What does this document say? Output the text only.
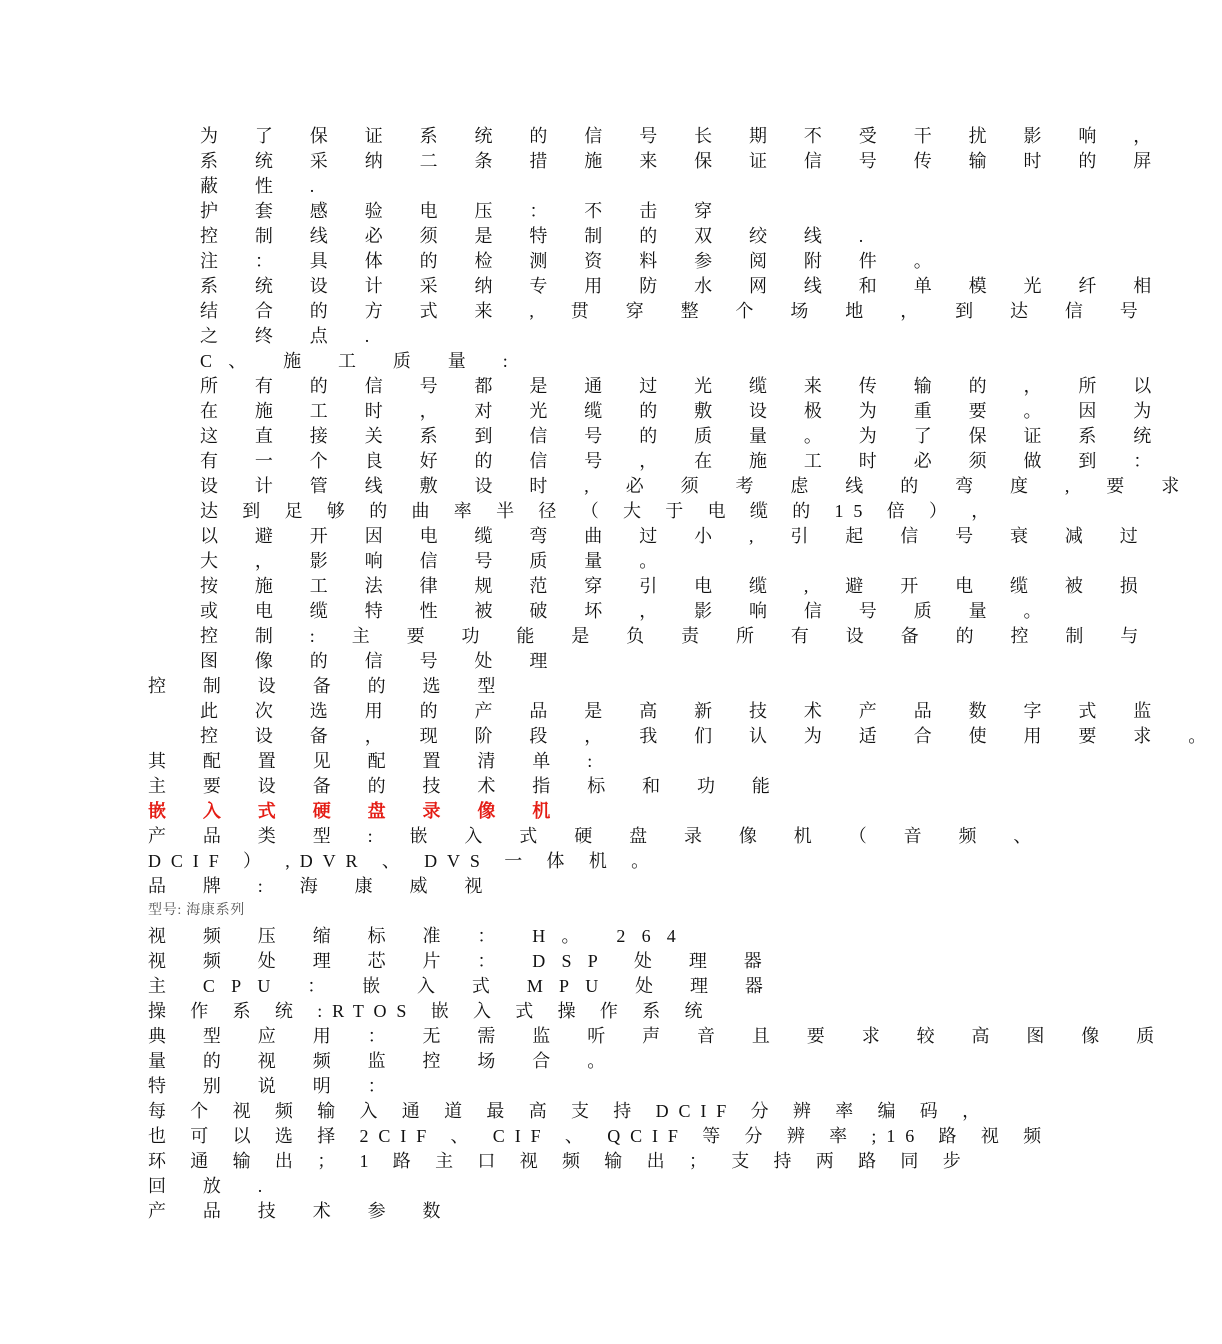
为 了 保 证 系 统 的 信 号 长 期 不 受 干 扰 影 响 ，
系 统 采 纳 二 条 措 施 来 保 证 信 号 传 输 时 的 屏
蔽 性 .
护 套 感 验 电 压 ： 不 击 穿
控 制 线 必 须 是 特 制 的 双 绞 线 .
注 ： 具 体 的 检 测 资 料 参 阅 附 件 。
系 统 设 计 采 纳 专 用 防 水 网 线 和 单 模 光 纤 相
结 合 的 方 式 来 , 贯 穿 整 个 场 地 ， 到 达 信 号
之 终 点 .
C、 施 工 质 量 :
所 有 的 信 号 都 是 通 过 光 缆 来 传 输 的 ， 所 以
在 施 工 时 ， 对 光 缆 的 敷 设 极 为 重 要 。 因 为
这 直 接 关 系 到 信 号 的 质 量 。 为 了 保 证 系 统
有 一 个 良 好 的 信 号 ， 在 施 工 时 必 须 做 到 ：
设 计 管 线 敷 设 时 , 必 须 考 虑 线 的 弯 度 , 要 求
达 到 足 够 的 曲 率 半 径 （ 大 于 电 缆 的 15 倍 ） ，
以 避 开 因 电 缆 弯 曲 过 小 , 引 起 信 号 衰 减 过
大 ， 影 响 信 号 质 量 。
按 施 工 法 律 规 范 穿 引 电 缆 , 避 开 电 缆 被 损
或 电 缆 特 性 被 破 坏 ， 影 响 信 号 质 量 。
控 制 : 主 要 功 能 是 负 责 所 有 设 备 的 控 制 与
图 像 的 信 号 处 理
控 制 设 备 的 选 型
此 次 选 用 的 产 品 是 高 新 技 术 产 品 数 字 式 监
控 设 备 ， 现 阶 段 ， 我 们 认 为 适 合 使 用 要 求 。
其 配 置 见 配 置 清 单 :
主 要 设 备 的 技 术 指 标 和 功 能
嵌 入 式 硬 盘 录 像 机
产 品 类 型 : 嵌 入 式 硬 盘 录 像 机 （ 音 频 、
DCIF ） ,DVR 、 DVS 一 体 机 。
品 牌 : 海 康 威 视
型号: 海康系列
视 频 压 缩 标 准 ： H。 264
视 频 处 理 芯 片 ： DSP 处 理 器
主 CPU ： 嵌 入 式 MPU 处 理 器
操 作 系 统 :RTOS 嵌 入 式 操 作 系 统
典 型 应 用 ： 无 需 监 听 声 音 且 要 求 较 高 图 像 质
量 的 视 频 监 控 场 合 。
特 别 说 明 ：
每 个 视 频 输 入 通 道 最 高 支 持 DCIF 分 辨 率 编 码 ，
也 可 以 选 择 2CIF 、 CIF 、 QCIF 等 分 辨 率 ;16 路 视 频
环 通 输 出 ； 1 路 主 口 视 频 输 出 ； 支 持 两 路 同 步
回 放 .
产 品 技 术 参 数
